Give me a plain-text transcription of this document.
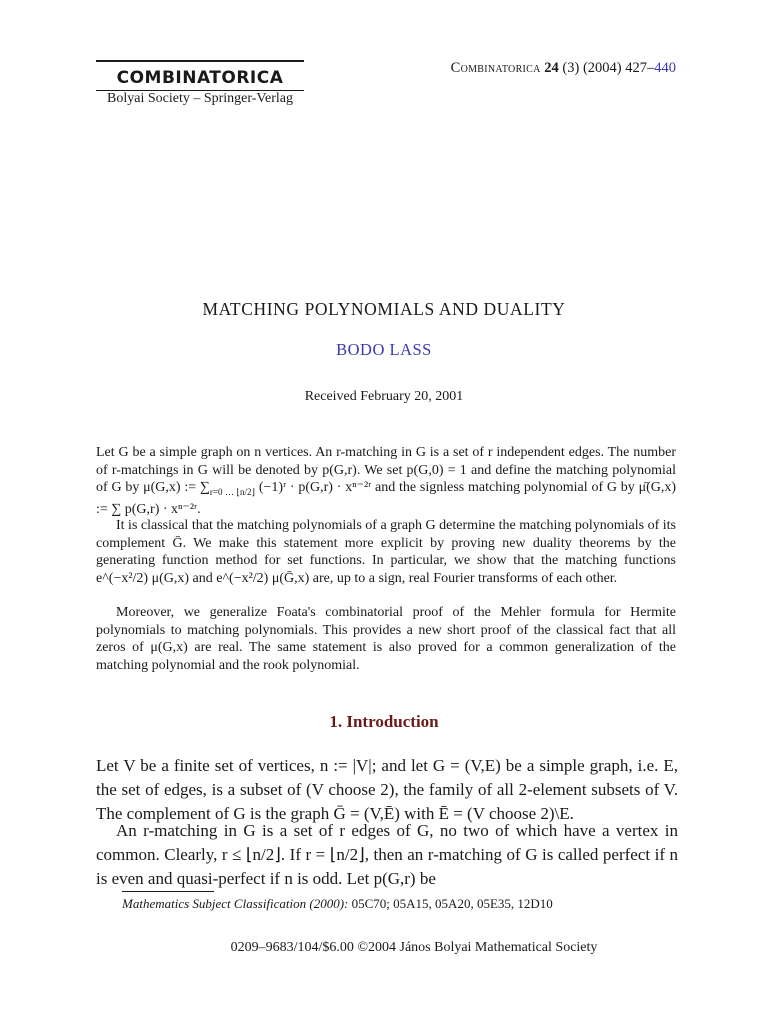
COMBINATORICA
Bolyai Society – Springer-Verlag
Combinatorica 24 (3) (2004) 427–440
MATCHING POLYNOMIALS AND DUALITY
BODO LASS
Received February 20, 2001

Let G be a simple graph on n vertices. An r-matching in G is a set of r independent edges. The number of r-matchings in G will be denoted by p(G,r). We set p(G,0) = 1 and define the matching polynomial of G by μ(G,x) := $\sum_{r=0 \dots ⌊n/2⌋}$ (−1)ʳ · p(G,r) · xⁿ⁻²ʳ and the signless matching polynomial of G by μ̄(G,x) := ∑ p(G,r) · xⁿ⁻²ʳ.

It is classical that the matching polynomials of a graph G determine the matching polynomials of its complement Ḡ. We make this statement more explicit by proving new duality theorems by the generating function method for set functions. In particular, we show that the matching functions e^(−x²/2) μ(G,x) and e^(−x²/2) μ(Ḡ,x) are, up to a sign, real Fourier transforms of each other.

Moreover, we generalize Foata's combinatorial proof of the Mehler formula for Hermite polynomials to matching polynomials. This provides a new short proof of the classical fact that all zeros of μ(G,x) are real. The same statement is also proved for a common generalization of the matching polynomial and the rook polynomial.

1. Introduction

Let V be a finite set of vertices, n := |V|; and let G = (V,E) be a simple graph, i.e. E, the set of edges, is a subset of (V choose 2), the family of all 2-element subsets of V. The complement of G is the graph Ḡ = (V,Ē) with Ē = (V choose 2)\E.

An r-matching in G is a set of r edges of G, no two of which have a vertex in common. Clearly, r ≤ ⌊n/2⌋. If r = ⌊n/2⌋, then an r-matching of G is called perfect if n is even and quasi-perfect if n is odd. Let p(G,r) be

Mathematics Subject Classification (2000): 05C70; 05A15, 05A20, 05E35, 12D10
0209–9683/104/$6.00 ©2004 János Bolyai Mathematical Society
